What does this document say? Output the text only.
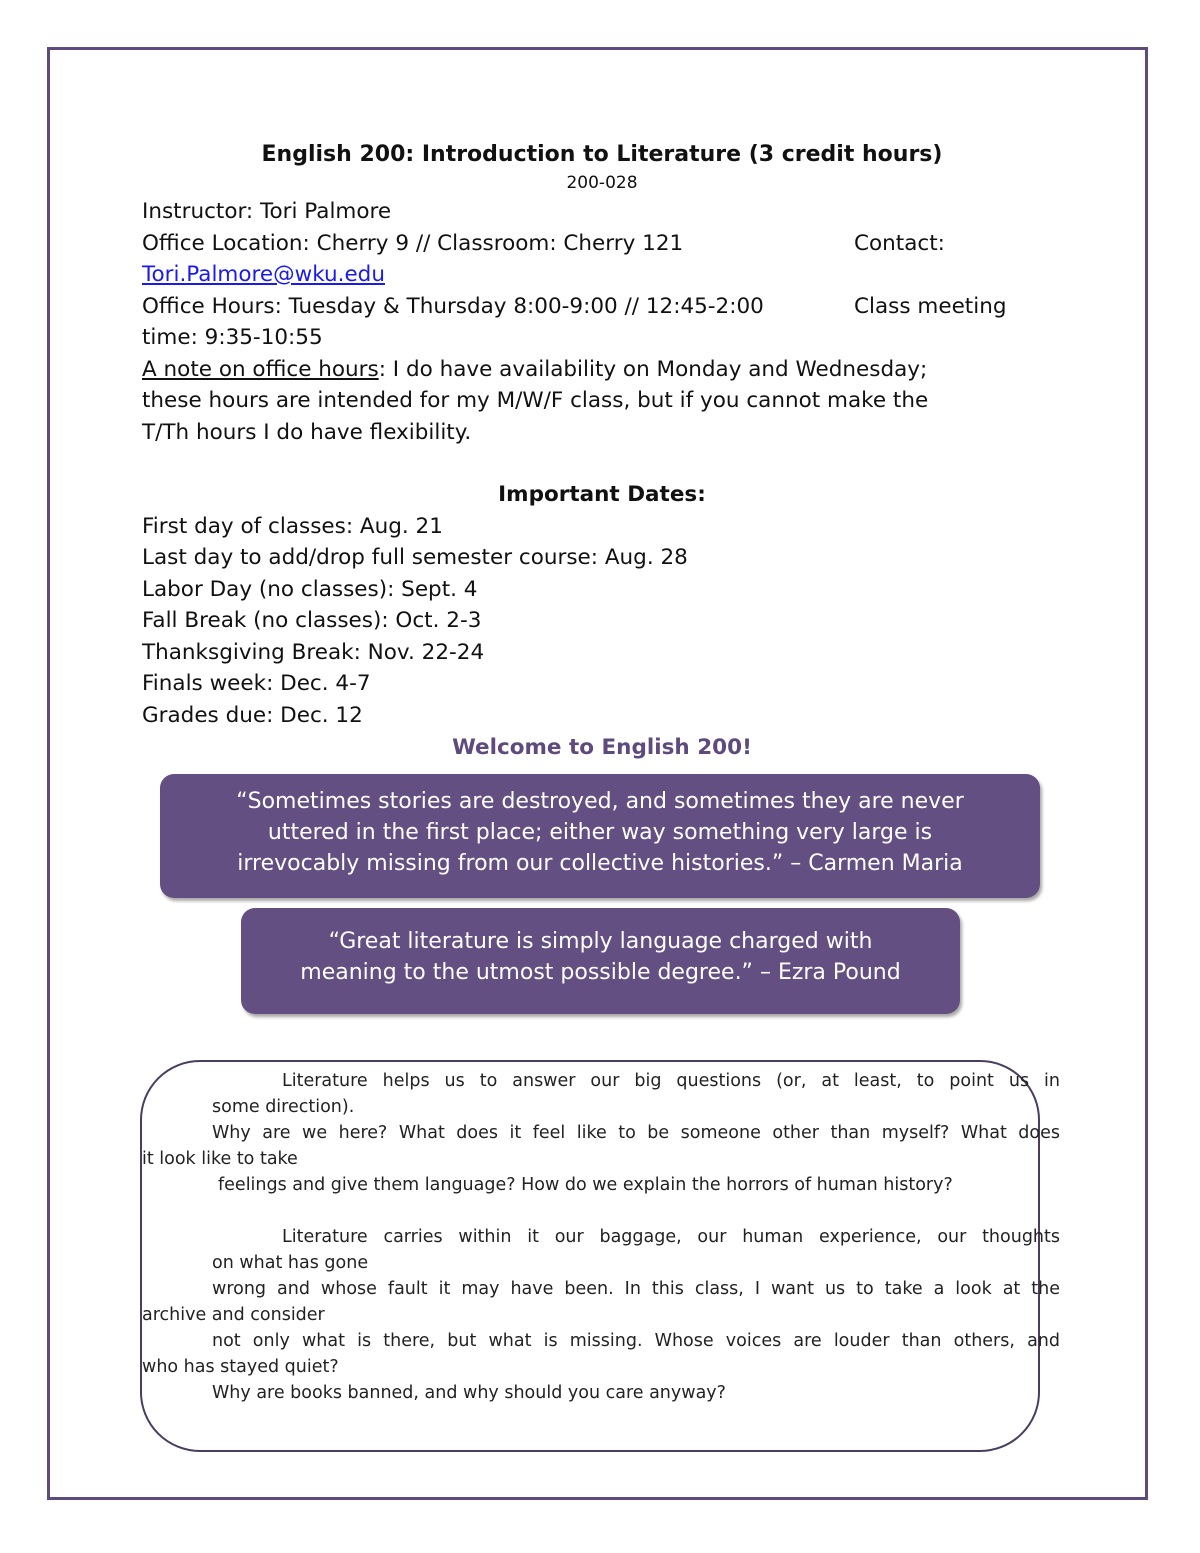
English 200: Introduction to Literature (3 credit hours)

200-028

Instructor: Tori Palmore

Office Location: Cherry 9 // Classroom: Cherry 121	Contact:

Tori.Palmore@wku.edu

Office Hours: Tuesday & Thursday 8:00-9:00 // 12:45-2:00	Class meeting

time: 9:35-10:55

A note on office hours: I do have availability on Monday and Wednesday;

these hours are intended for my M/W/F class, but if you cannot make the

T/Th hours I do have flexibility.

Important Dates:

First day of classes: Aug. 21

Last day to add/drop full semester course: Aug. 28

Labor Day (no classes): Sept. 4

Fall Break (no classes): Oct. 2-3

Thanksgiving Break: Nov. 22-24

Finals week: Dec. 4-7

Grades due: Dec. 12

Welcome to English 200!

“Sometimes stories are destroyed, and sometimes they are never
uttered in the first place; either way something very large is
irrevocably missing from our collective histories.” – Carmen Maria
“Great literature is simply language charged with
meaning to the utmost possible degree.” – Ezra Pound

Literature helps us to answer our big questions (or, at least, to point us in

some direction).

Why are we here? What does it feel like to be someone other than myself? What does

it look like to take

feelings and give them language? How do we explain the horrors of human history?

Literature carries within it our baggage, our human experience, our thoughts

on what has gone

wrong and whose fault it may have been. In this class, I want us to take a look at the

archive and consider

not only what is there, but what is missing. Whose voices are louder than others, and

who has stayed quiet?

Why are books banned, and why should you care anyway?
